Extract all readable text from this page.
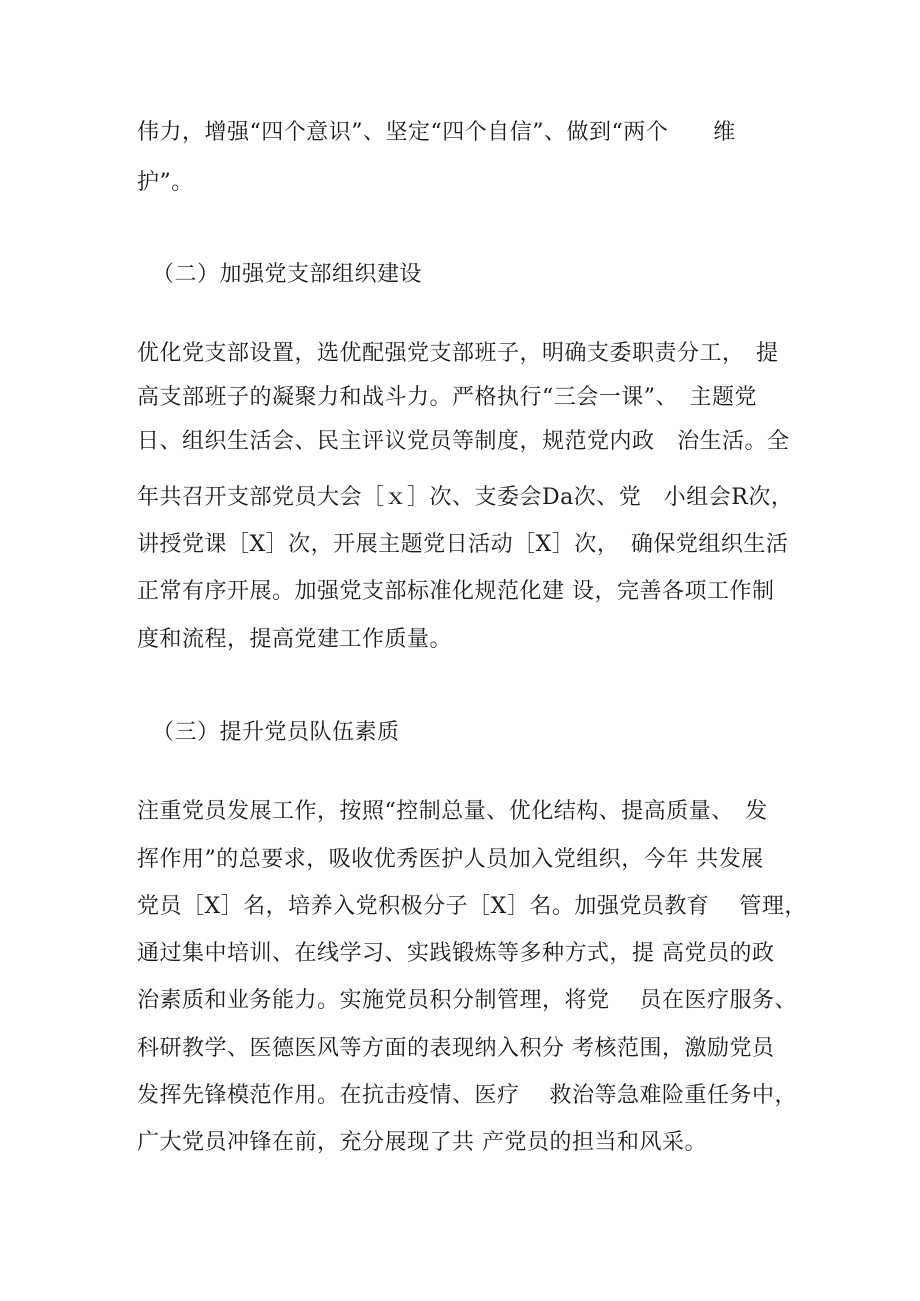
伟力，增强“四个意识”、坚定“四个自信”、做到“两个　　维
护”。
（二）加强党支部组织建设
优化党支部设置，选优配强党支部班子，明确支委职责分工，　提
高支部班子的凝聚力和战斗力。严格执行“三会一课”、　主题党
日、组织生活会、民主评议党员等制度，规范党内政　治生活。全
年共召开支部党员大会［ｘ］次、支委会Da次、党　小组会R次，
讲授党课［X］次，开展主题党日活动［X］次，　确保党组织生活
正常有序开展。加强党支部标准化规范化建 设，完善各项工作制
度和流程，提高党建工作质量。
（三）提升党员队伍素质
注重党员发展工作，按照“控制总量、优化结构、提高质量、　发
挥作用”的总要求，吸收优秀医护人员加入党组织，今年 共发展
党员［X］名，培养入党积极分子［X］名。加强党员教育　 管理，
通过集中培训、在线学习、实践锻炼等多种方式，提 高党员的政
治素质和业务能力。实施党员积分制管理，将党　 员在医疗服务、
科研教学、医德医风等方面的表现纳入积分 考核范围，激励党员
发挥先锋模范作用。在抗击疫情、医疗　 救治等急难险重任务中，
广大党员冲锋在前，充分展现了共 产党员的担当和风采。
